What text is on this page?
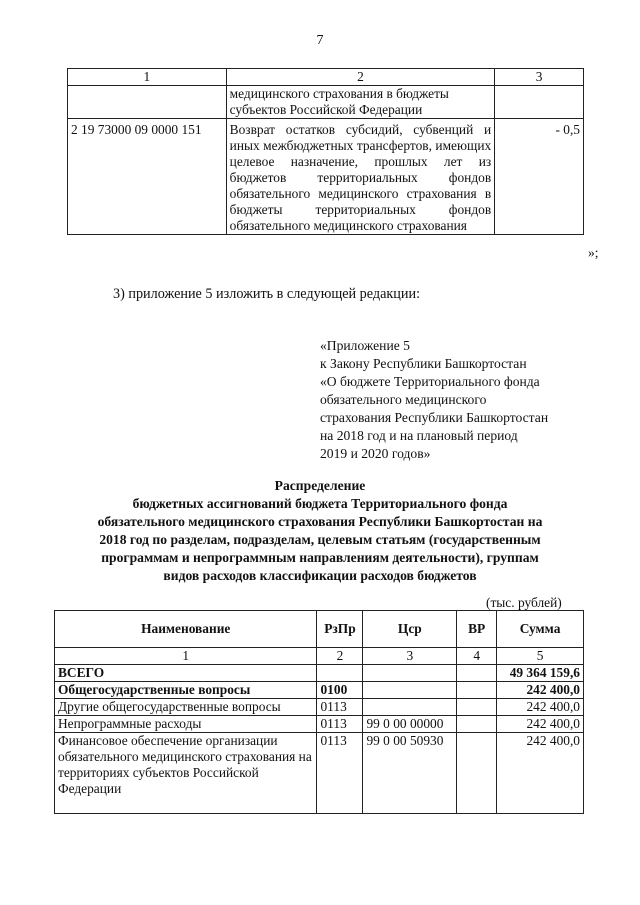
7
1	2	3
	медицинского страхования в бюджеты субъектов Российской Федерации	
2 19 73000 09 0000 151	Возврат остатков субсидий, субвенций и иных межбюджетных трансфертов, имеющих целевое назначение, прошлых лет из бюджетов территориальных фондов обязательного медицинского страхования в бюджеты территориальных фондов обязательного медицинского страхования	- 0,5
»;
3) приложение 5 изложить в следующей редакции:
«Приложение 5
к Закону Республики Башкортостан
«О бюджете Территориального фонда
обязательного медицинского
страхования Республики Башкортостан
на 2018 год и на плановый период
2019 и 2020 годов»
Распределение
бюджетных ассигнований бюджета Территориального фонда
обязательного медицинского страхования Республики Башкортостан на
2018 год по разделам, подразделам, целевым статьям (государственным
программам и непрограммным направлениям деятельности), группам
видов расходов классификации расходов бюджетов
(тыс. рублей)
Наименование	РзПр	Цср	ВР	Сумма
1	2	3	4	5
ВСЕГО				49 364 159,6
Общегосударственные вопросы	0100			242 400,0
Другие общегосударственные вопросы	0113			242 400,0
Непрограммные расходы	0113	99 0 00 00000		242 400,0
Финансовое обеспечение организации обязательного медицинского страхования на территориях субъектов Российской Федерации	0113	99 0 00 50930		242 400,0
